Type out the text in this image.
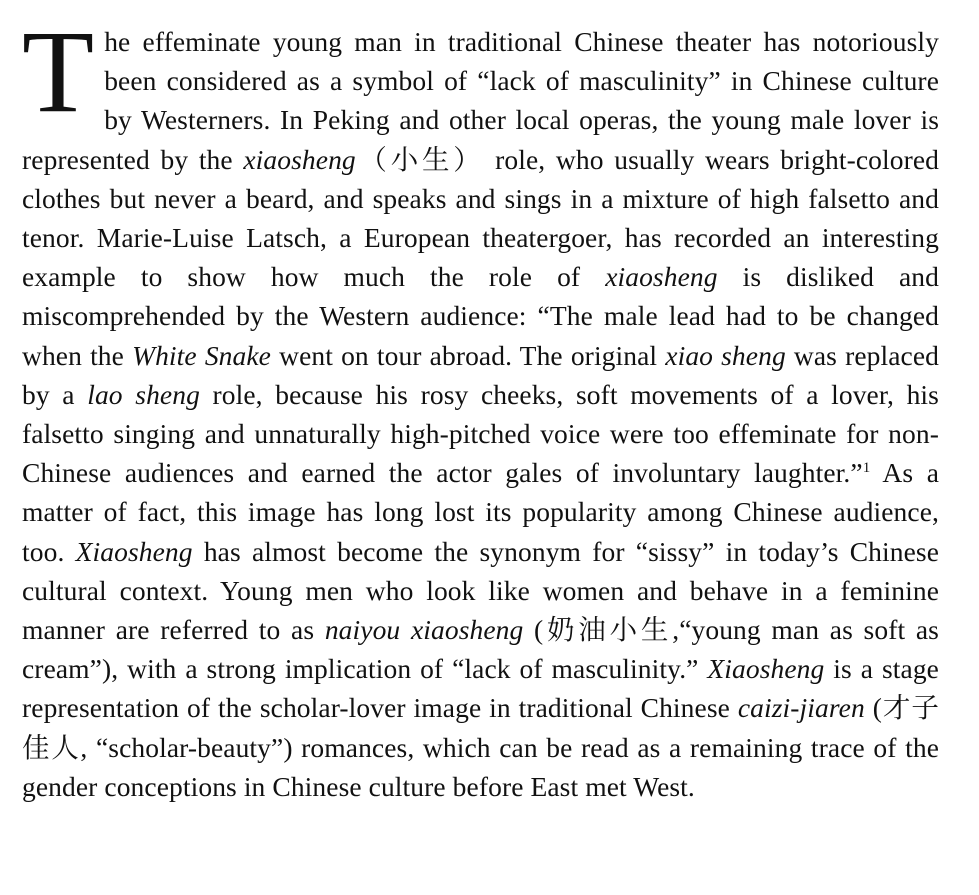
The effeminate young man in traditional Chinese theater has notoriously been considered as a symbol of “lack of masculinity” in Chinese culture by Westerners. In Peking and other local operas, the young male lover is represented by the xiaosheng（小生） role, who usually wears bright-colored clothes but never a beard, and speaks and sings in a mixture of high falsetto and tenor. Marie-Luise Latsch, a European theatergoer, has recorded an interesting example to show how much the role of xiaosheng is disliked and miscomprehended by the Western audience: “The male lead had to be changed when the White Snake went on tour abroad. The original xiao sheng was replaced by a lao sheng role, because his rosy cheeks, soft movements of a lover, his falsetto singing and unnaturally high-pitched voice were too effeminate for non-Chinese audiences and earned the actor gales of involuntary laughter.”$^1$ As a matter of fact, this image has long lost its popularity among Chinese audience, too. Xiaosheng has almost become the synonym for “sissy” in today’s Chinese cultural context. Young men who look like women and behave in a feminine manner are referred to as naiyou xiaosheng (奶油小生,“young man as soft as cream”), with a strong implication of “lack of masculinity.” Xiaosheng is a stage representation of the scholar-lover image in traditional Chinese caizi-jiaren (才子佳人, “scholar-beauty”) romances, which can be read as a remaining trace of the gender conceptions in Chinese culture before East met West.
